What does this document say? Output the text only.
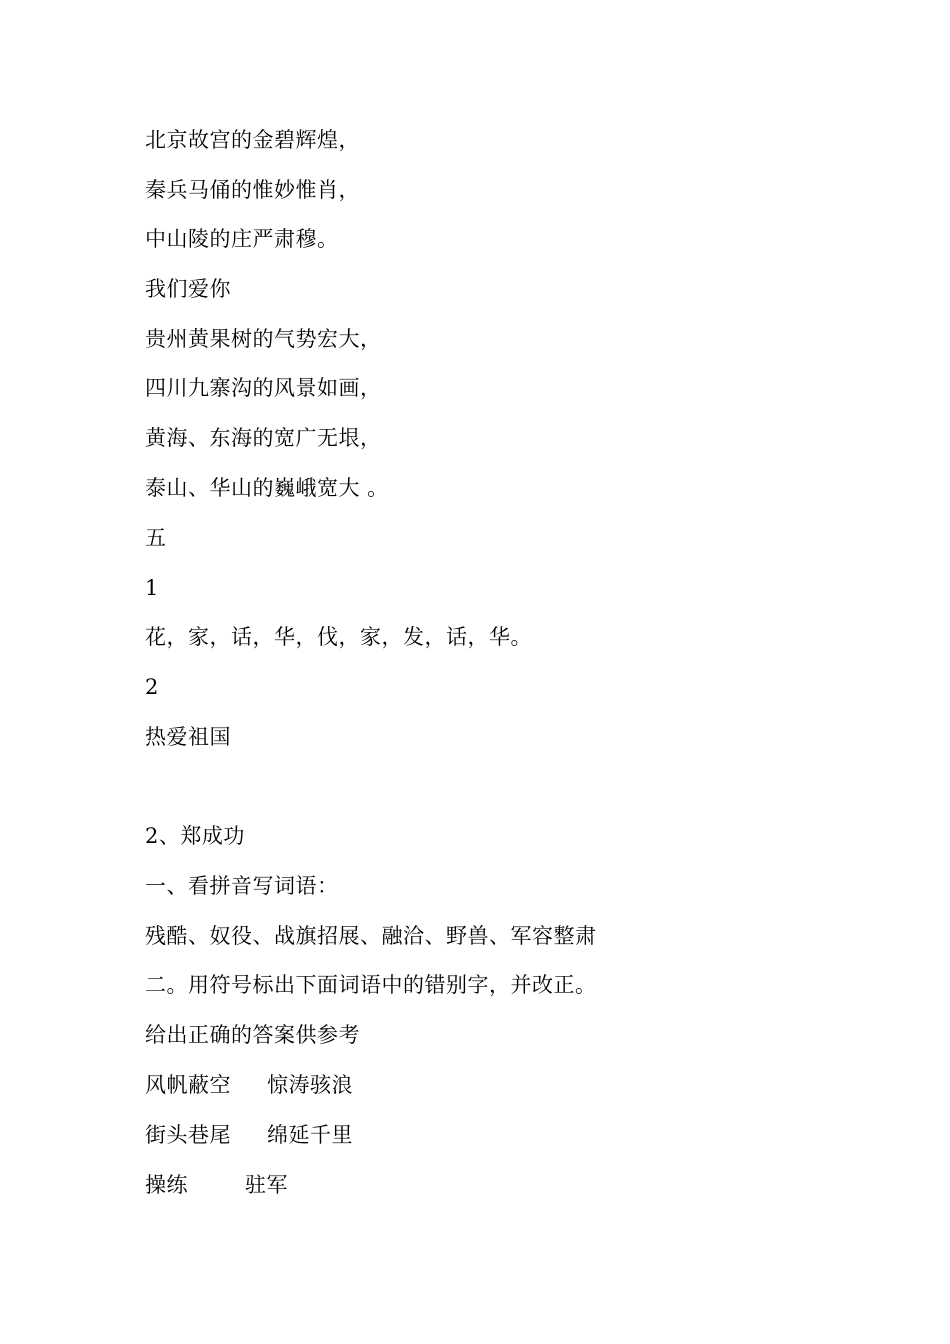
北京故宫的金碧辉煌，
秦兵马俑的惟妙惟肖，
中山陵的庄严肃穆。
我们爱你
贵州黄果树的气势宏大，
四川九寨沟的风景如画，
黄海、东海的宽广无垠，
泰山、华山的巍峨宽大 。
五
1
花，家，话，华，伐，家，发，话，华。
2
热爱祖国
2、郑成功
一、看拼音写词语：
残酷、奴役、战旗招展、融洽、野兽、军容整肃
二。用符号标出下面词语中的错别字，并改正。
给出正确的答案供参考
风帆蔽空 惊涛骇浪
街头巷尾 绵延千里
操练	驻军
